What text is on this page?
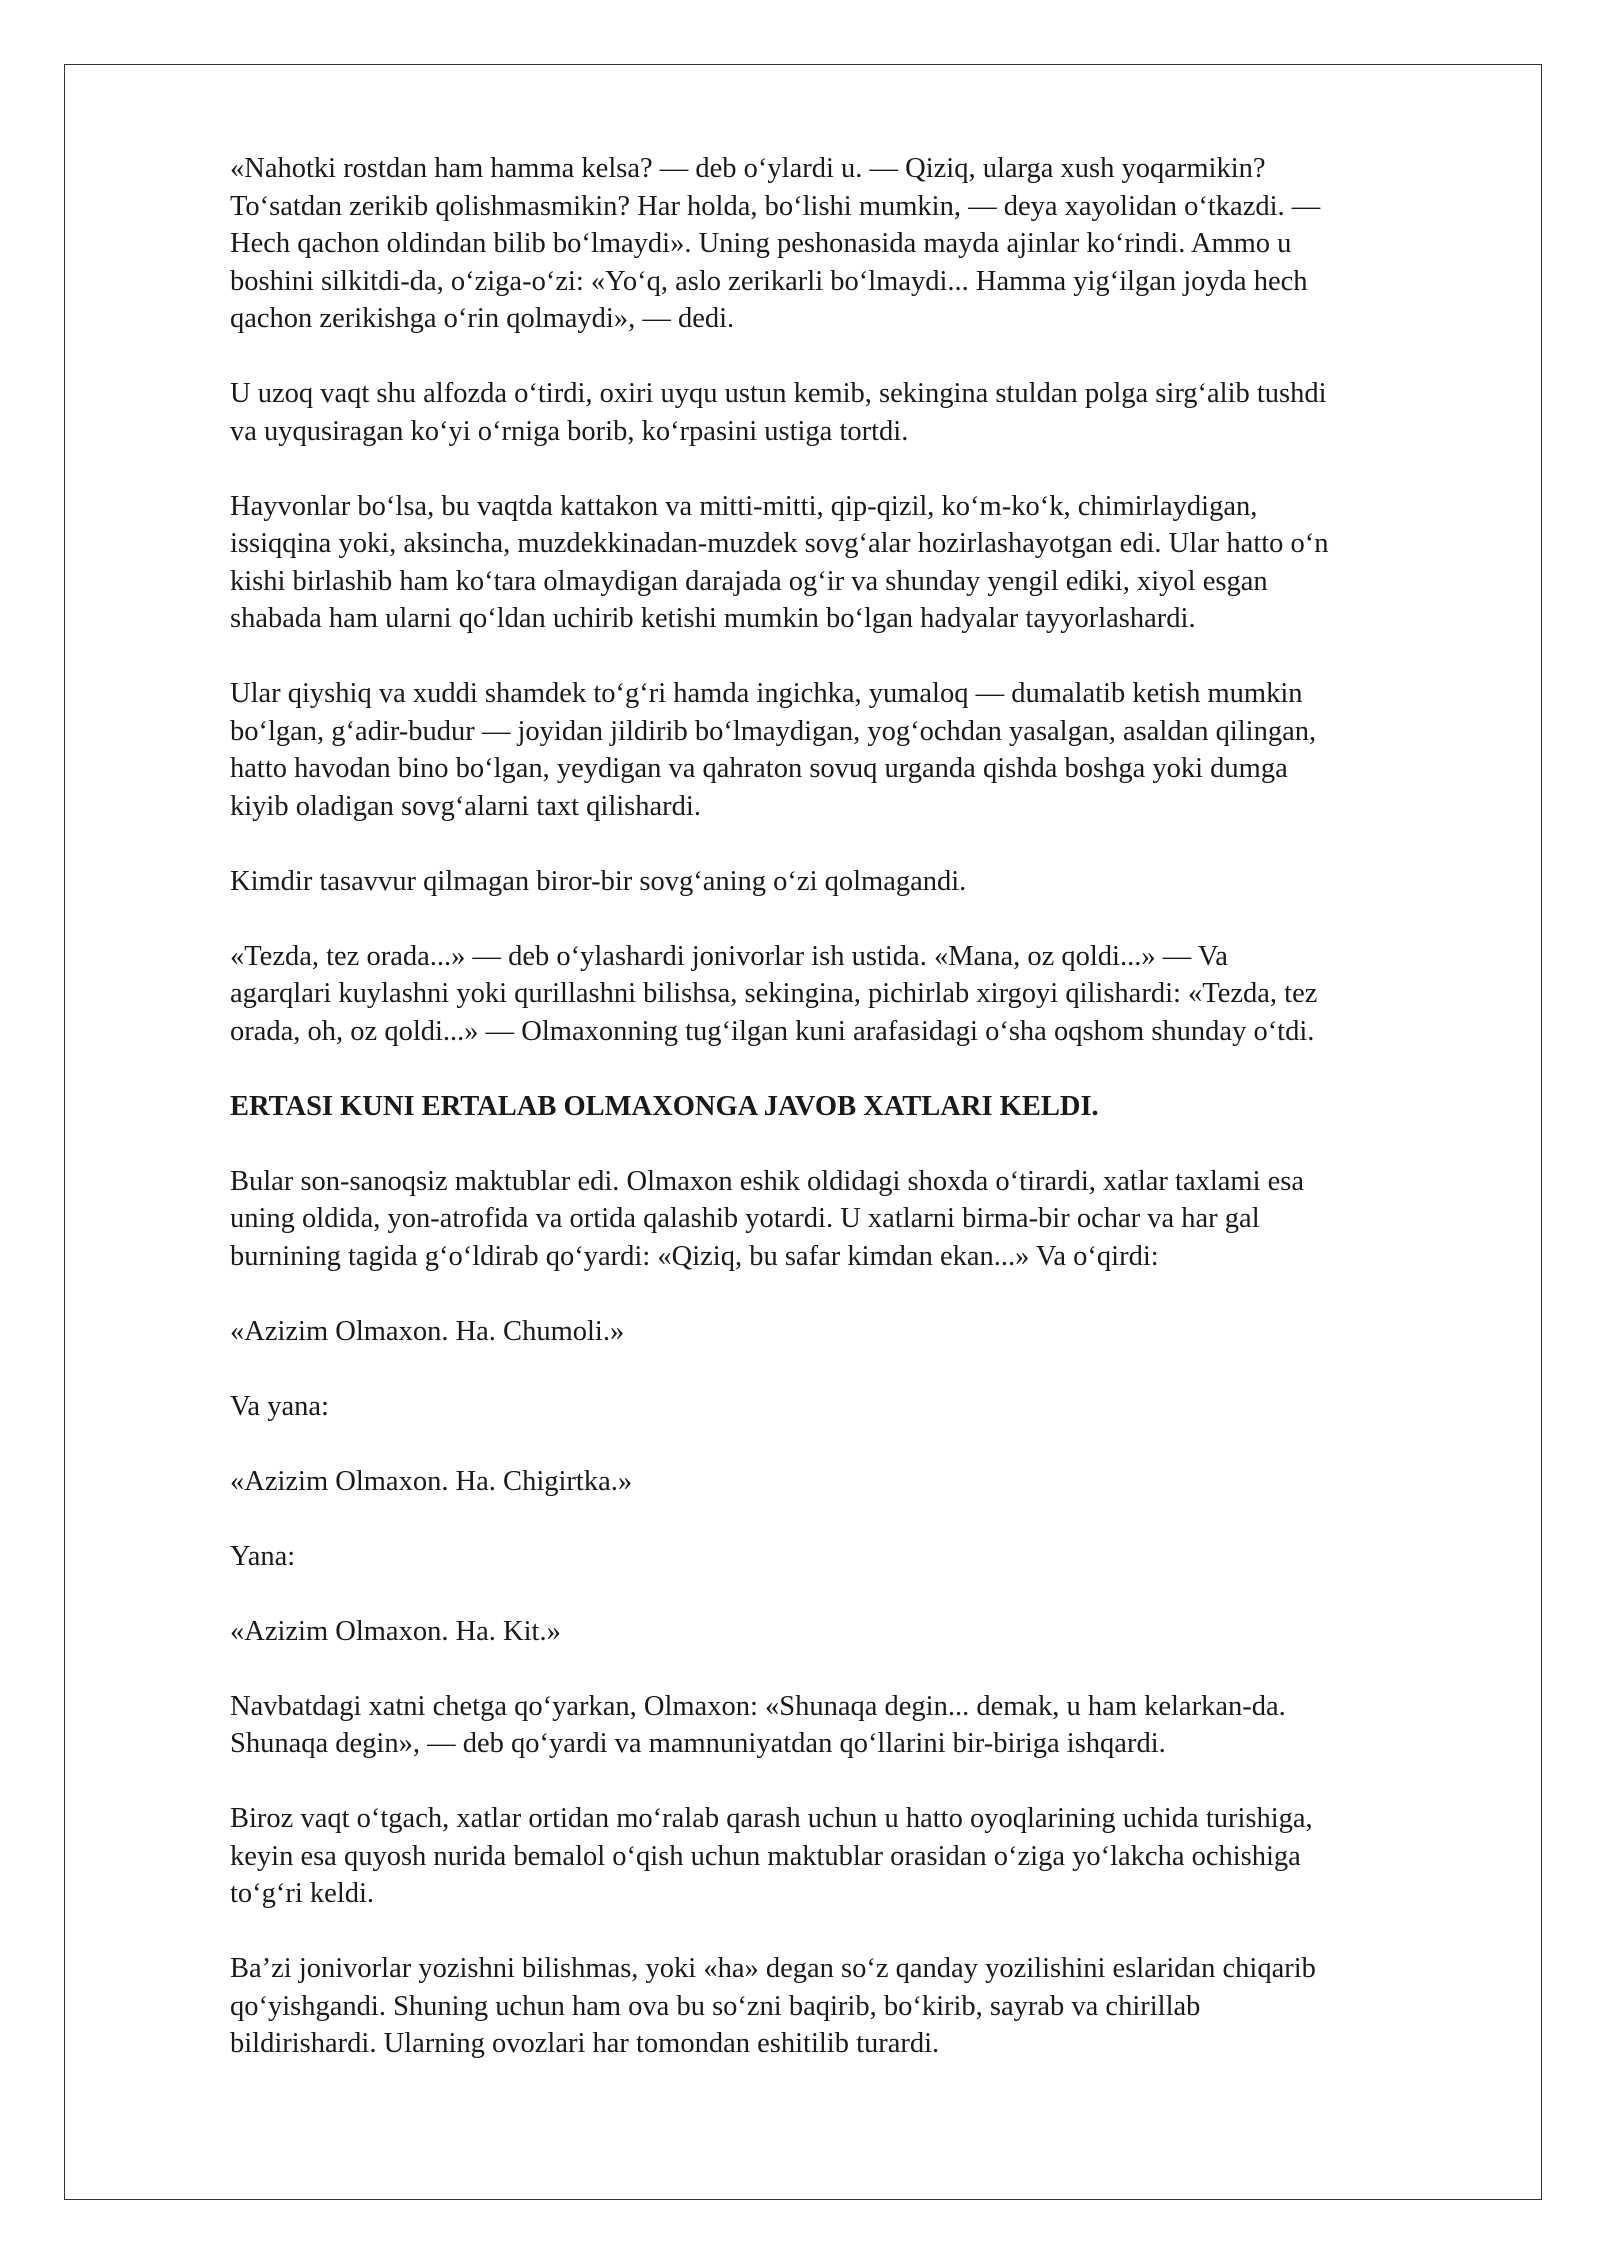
«Nahotki rostdan ham hamma kelsa? — deb o‘ylardi u. — Qiziq, ularga xush yoqarmikin?
To‘satdan zerikib qolishmasmikin? Har holda, bo‘lishi mumkin, — deya xayolidan o‘tkazdi. —
Hech qachon oldindan bilib bo‘lmaydi». Uning peshonasida mayda ajinlar ko‘rindi. Ammo u
boshini silkitdi-da, o‘ziga-o‘zi: «Yo‘q, aslo zerikarli bo‘lmaydi... Hamma yig‘ilgan joyda hech
qachon zerikishga o‘rin qolmaydi», — dedi.

U uzoq vaqt shu alfozda o‘tirdi, oxiri uyqu ustun kemib, sekingina stuldan polga sirg‘alib tushdi
va uyqusiragan ko‘yi o‘rniga borib, ko‘rpasini ustiga tortdi.

Hayvonlar bo‘lsa, bu vaqtda kattakon va mitti-mitti, qip-qizil, ko‘m-ko‘k, chimirlaydigan,
issiqqina yoki, aksincha, muzdekkinadan-muzdek sovg‘alar hozirlashayotgan edi. Ular hatto o‘n
kishi birlashib ham ko‘tara olmaydigan darajada og‘ir va shunday yengil ediki, xiyol esgan
shabada ham ularni qo‘ldan uchirib ketishi mumkin bo‘lgan hadyalar tayyorlashardi.

Ular qiyshiq va xuddi shamdek to‘g‘ri hamda ingichka, yumaloq — dumalatib ketish mumkin
bo‘lgan, g‘adir-budur — joyidan jildirib bo‘lmaydigan, yog‘ochdan yasalgan, asaldan qilingan,
hatto havodan bino bo‘lgan, yeydigan va qahraton sovuq urganda qishda boshga yoki dumga
kiyib oladigan sovg‘alarni taxt qilishardi.

Kimdir tasavvur qilmagan biror-bir sovg‘aning o‘zi qolmagandi.

«Tezda, tez orada...» — deb o‘ylashardi jonivorlar ish ustida. «Mana, oz qoldi...» — Va
agarqlari kuylashni yoki qurillashni bilishsa, sekingina, pichirlab xirgoyi qilishardi: «Tezda, tez
orada, oh, oz qoldi...» — Olmaxonning tug‘ilgan kuni arafasidagi o‘sha oqshom shunday o‘tdi.

ERTASI KUNI ERTALAB OLMAXONGA JAVOB XATLARI KELDI.

Bular son-sanoqsiz maktublar edi. Olmaxon eshik oldidagi shoxda o‘tirardi, xatlar taxlami esa
uning oldida, yon-atrofida va ortida qalashib yotardi. U xatlarni birma-bir ochar va har gal
burnining tagida g‘o‘ldirab qo‘yardi: «Qiziq, bu safar kimdan ekan...» Va o‘qirdi:

«Azizim Olmaxon. Ha. Chumoli.»

Va yana:

«Azizim Olmaxon. Ha. Chigirtka.»

Yana:

«Azizim Olmaxon. Ha. Kit.»

Navbatdagi xatni chetga qo‘yarkan, Olmaxon: «Shunaqa degin... demak, u ham kelarkan-da.
Shunaqa degin», — deb qo‘yardi va mamnuniyatdan qo‘llarini bir-biriga ishqardi.

Biroz vaqt o‘tgach, xatlar ortidan mo‘ralab qarash uchun u hatto oyoqlarining uchida turishiga,
keyin esa quyosh nurida bemalol o‘qish uchun maktublar orasidan o‘ziga yo‘lakcha ochishiga
to‘g‘ri keldi.

Ba’zi jonivorlar yozishni bilishmas, yoki «ha» degan so‘z qanday yozilishini eslaridan chiqarib
qo‘yishgandi. Shuning uchun ham ova bu so‘zni baqirib, bo‘kirib, sayrab va chirillab
bildirishardi. Ularning ovozlari har tomondan eshitilib turardi.
